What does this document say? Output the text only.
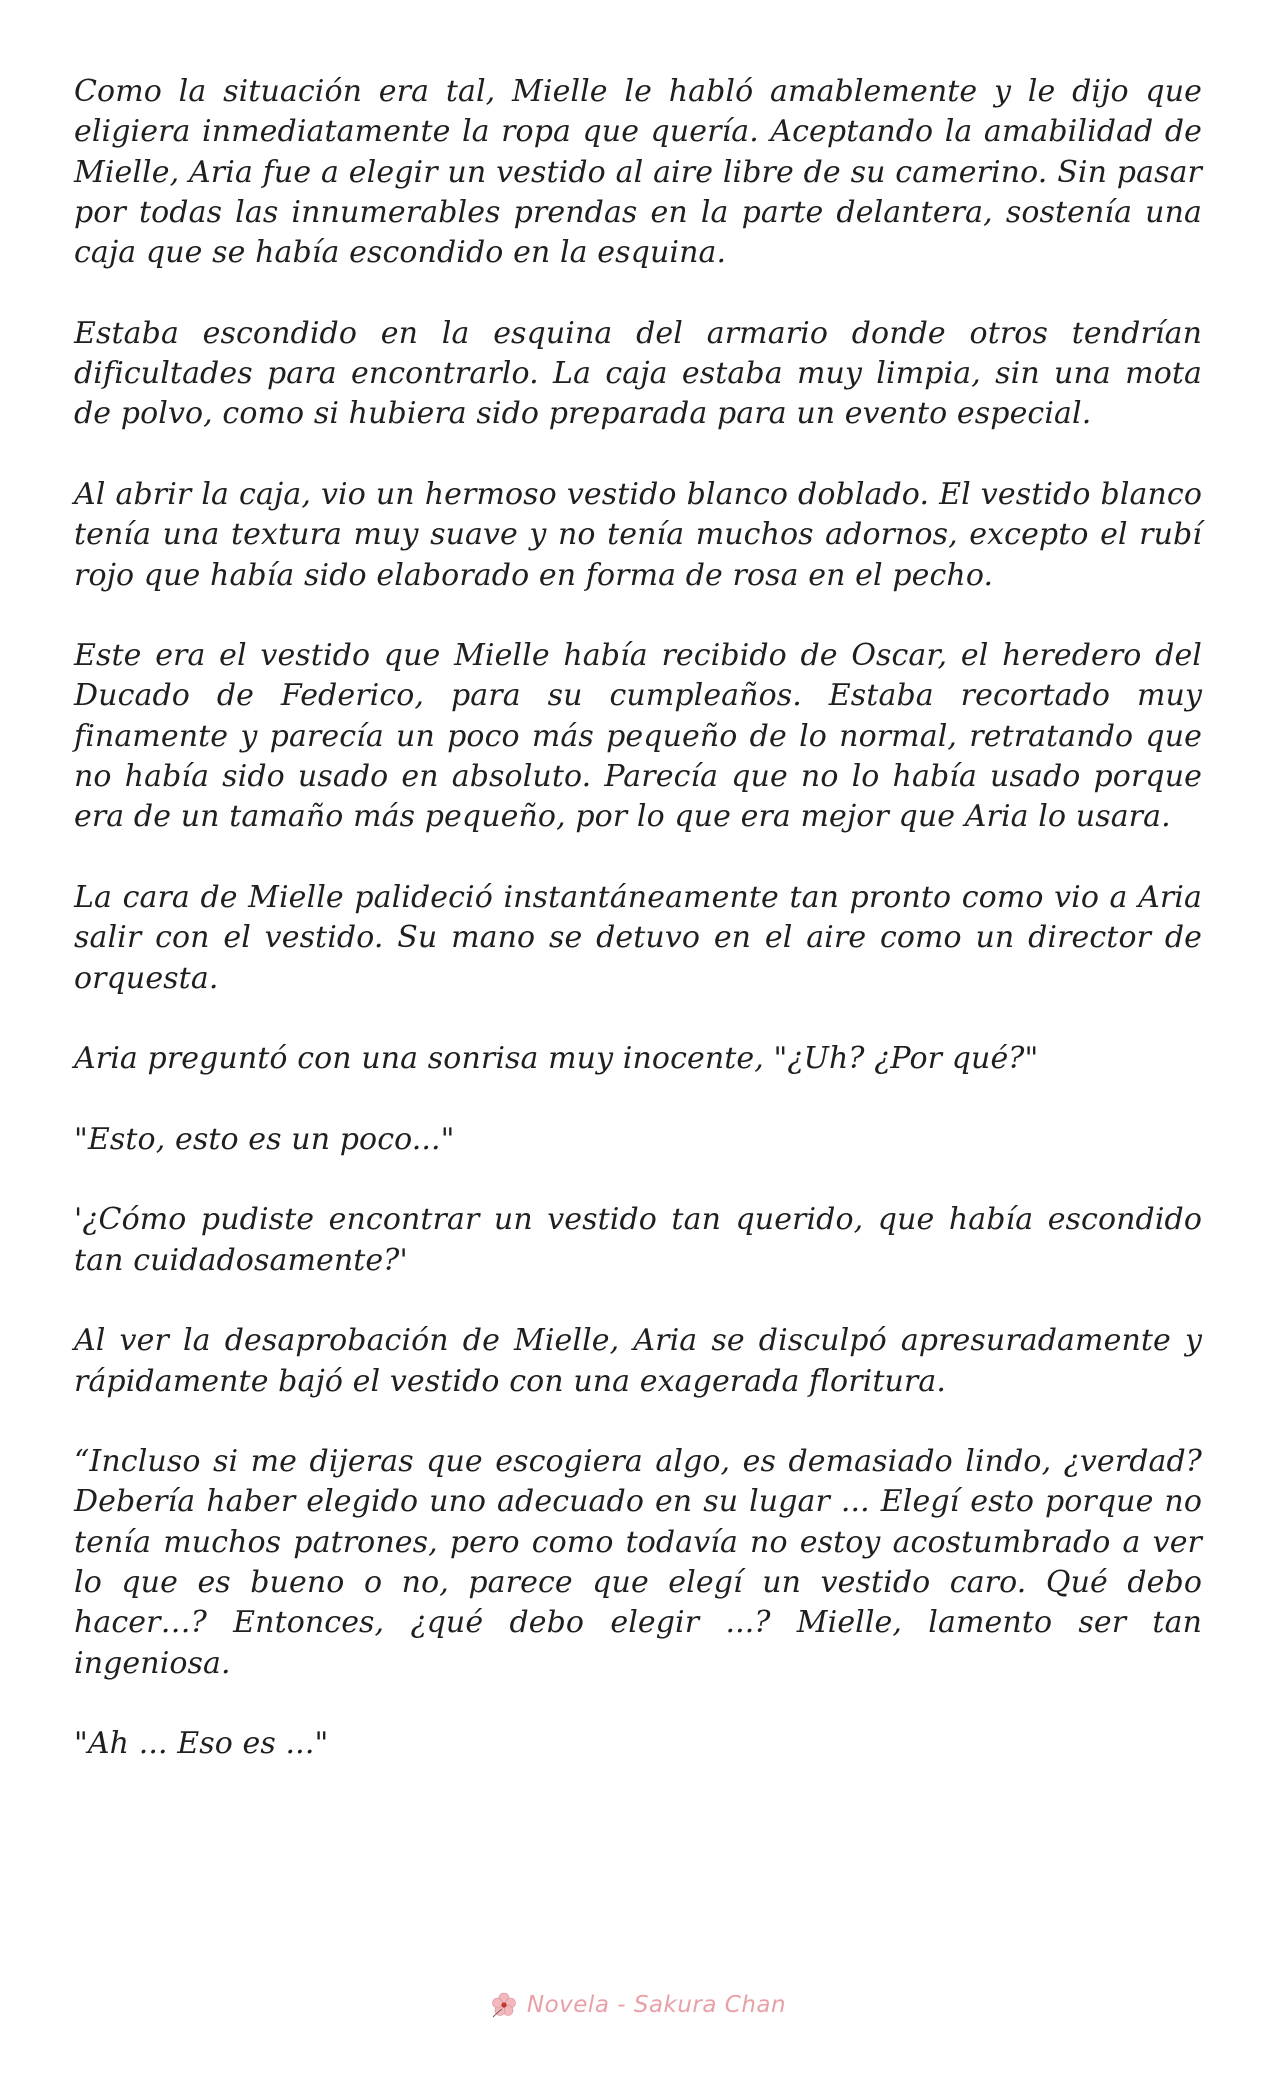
Como la situación era tal, Mielle le habló amablemente y le dijo que eligiera inmediatamente la ropa que quería. Aceptando la amabilidad de Mielle, Aria fue a elegir un vestido al aire libre de su camerino. Sin pasar por todas las innumerables prendas en la parte delantera, sostenía una caja que se había escondido en la esquina.

Estaba escondido en la esquina del armario donde otros tendrían dificultades para encontrarlo. La caja estaba muy limpia, sin una mota de polvo, como si hubiera sido preparada para un evento especial.

Al abrir la caja, vio un hermoso vestido blanco doblado. El vestido blanco tenía una textura muy suave y no tenía muchos adornos, excepto el rubí rojo que había sido elaborado en forma de rosa en el pecho.

Este era el vestido que Mielle había recibido de Oscar, el heredero del Ducado de Federico, para su cumpleaños. Estaba recortado muy finamente y parecía un poco más pequeño de lo normal, retratando que no había sido usado en absoluto. Parecía que no lo había usado porque era de un tamaño más pequeño, por lo que era mejor que Aria lo usara.

La cara de Mielle palideció instantáneamente tan pronto como vio a Aria salir con el vestido. Su mano se detuvo en el aire como un director de orquesta.

Aria preguntó con una sonrisa muy inocente, "¿Uh? ¿Por qué?"

"Esto, esto es un poco..."

'¿Cómo pudiste encontrar un vestido tan querido, que había escondido tan cuidadosamente?'

Al ver la desaprobación de Mielle, Aria se disculpó apresuradamente y rápidamente bajó el vestido con una exagerada floritura.

“Incluso si me dijeras que escogiera algo, es demasiado lindo, ¿verdad? Debería haber elegido uno adecuado en su lugar ... Elegí esto porque no tenía muchos patrones, pero como todavía no estoy acostumbrado a ver lo que es bueno o no, parece que elegí un vestido caro. Qué debo hacer…? Entonces, ¿qué debo elegir ...? Mielle, lamento ser tan ingeniosa.

"Ah ... Eso es ..."

Novela - Sakura Chan
